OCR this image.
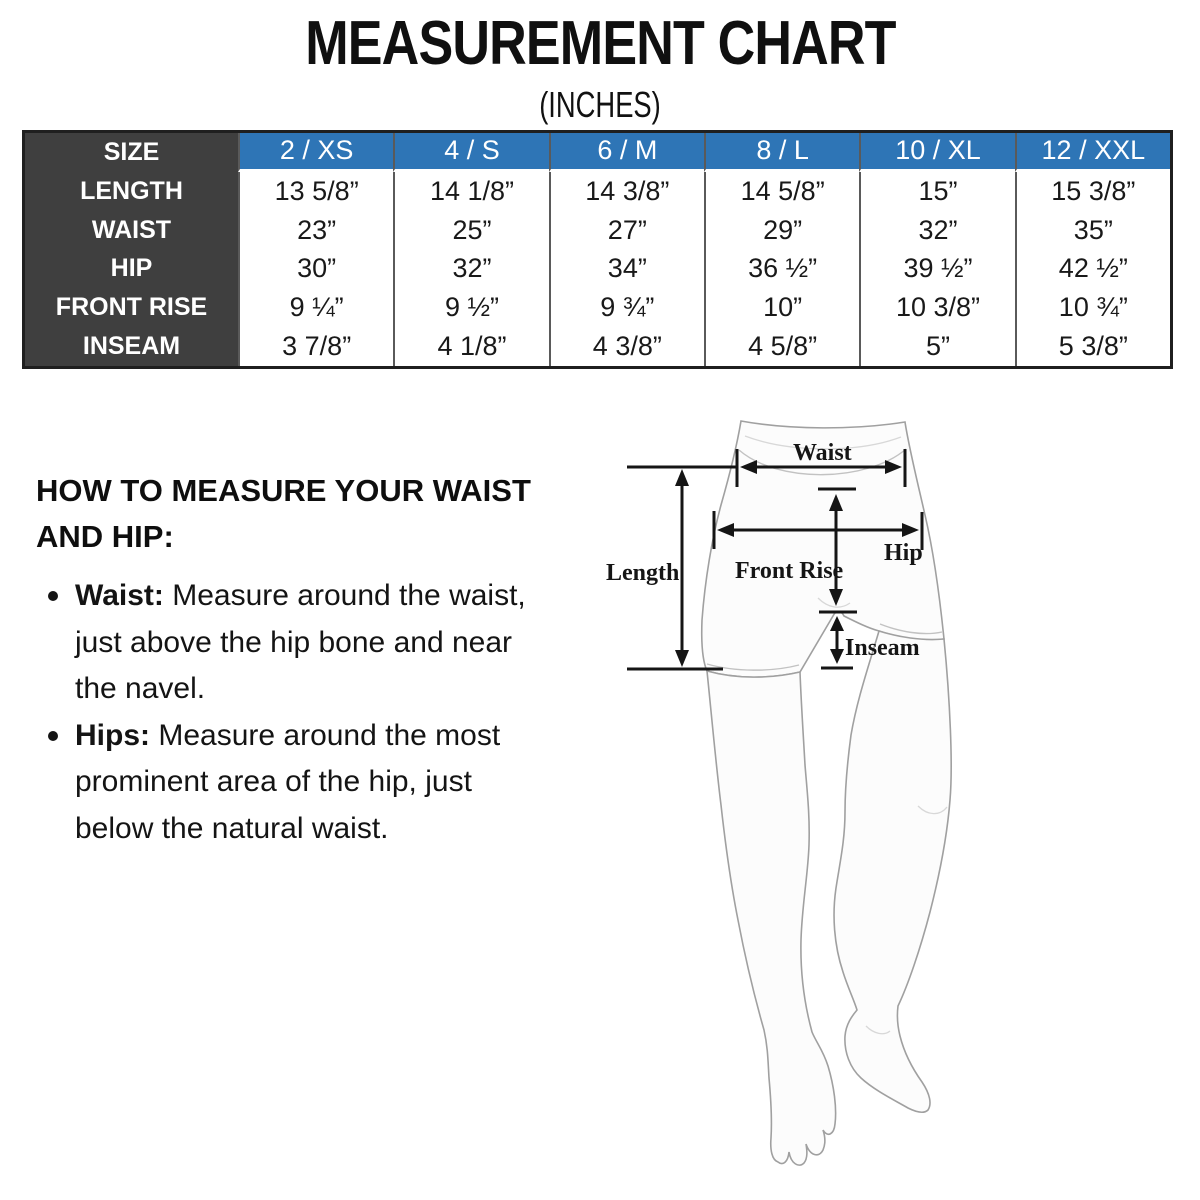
MEASUREMENT CHART
(INCHES)
SIZE	2 / XS	4 / S	6 / M	8 / L	10 / XL	12 / XXL
LENGTH	13 5/8”	14 1/8”	14 3/8”	14 5/8”	15”	15 3/8”
WAIST	23”	25”	27”	29”	32”	35”
HIP	30”	32”	34”	36 ½”	39 ½”	42 ½”
FRONT RISE	9 ¼”	9 ½”	9 ¾”	10”	10 3/8”	10 ¾”
INSEAM	3 7/8”	4 1/8”	4 3/8”	4 5/8”	5”	5 3/8”
HOW TO MEASURE YOUR WAIST AND HIP:
Waist: Measure around the waist, just above the hip bone and near the navel.
Hips: Measure around the most prominent area of the hip, just below the natural waist.
Length
Waist
Hip
Front Rise
Inseam
